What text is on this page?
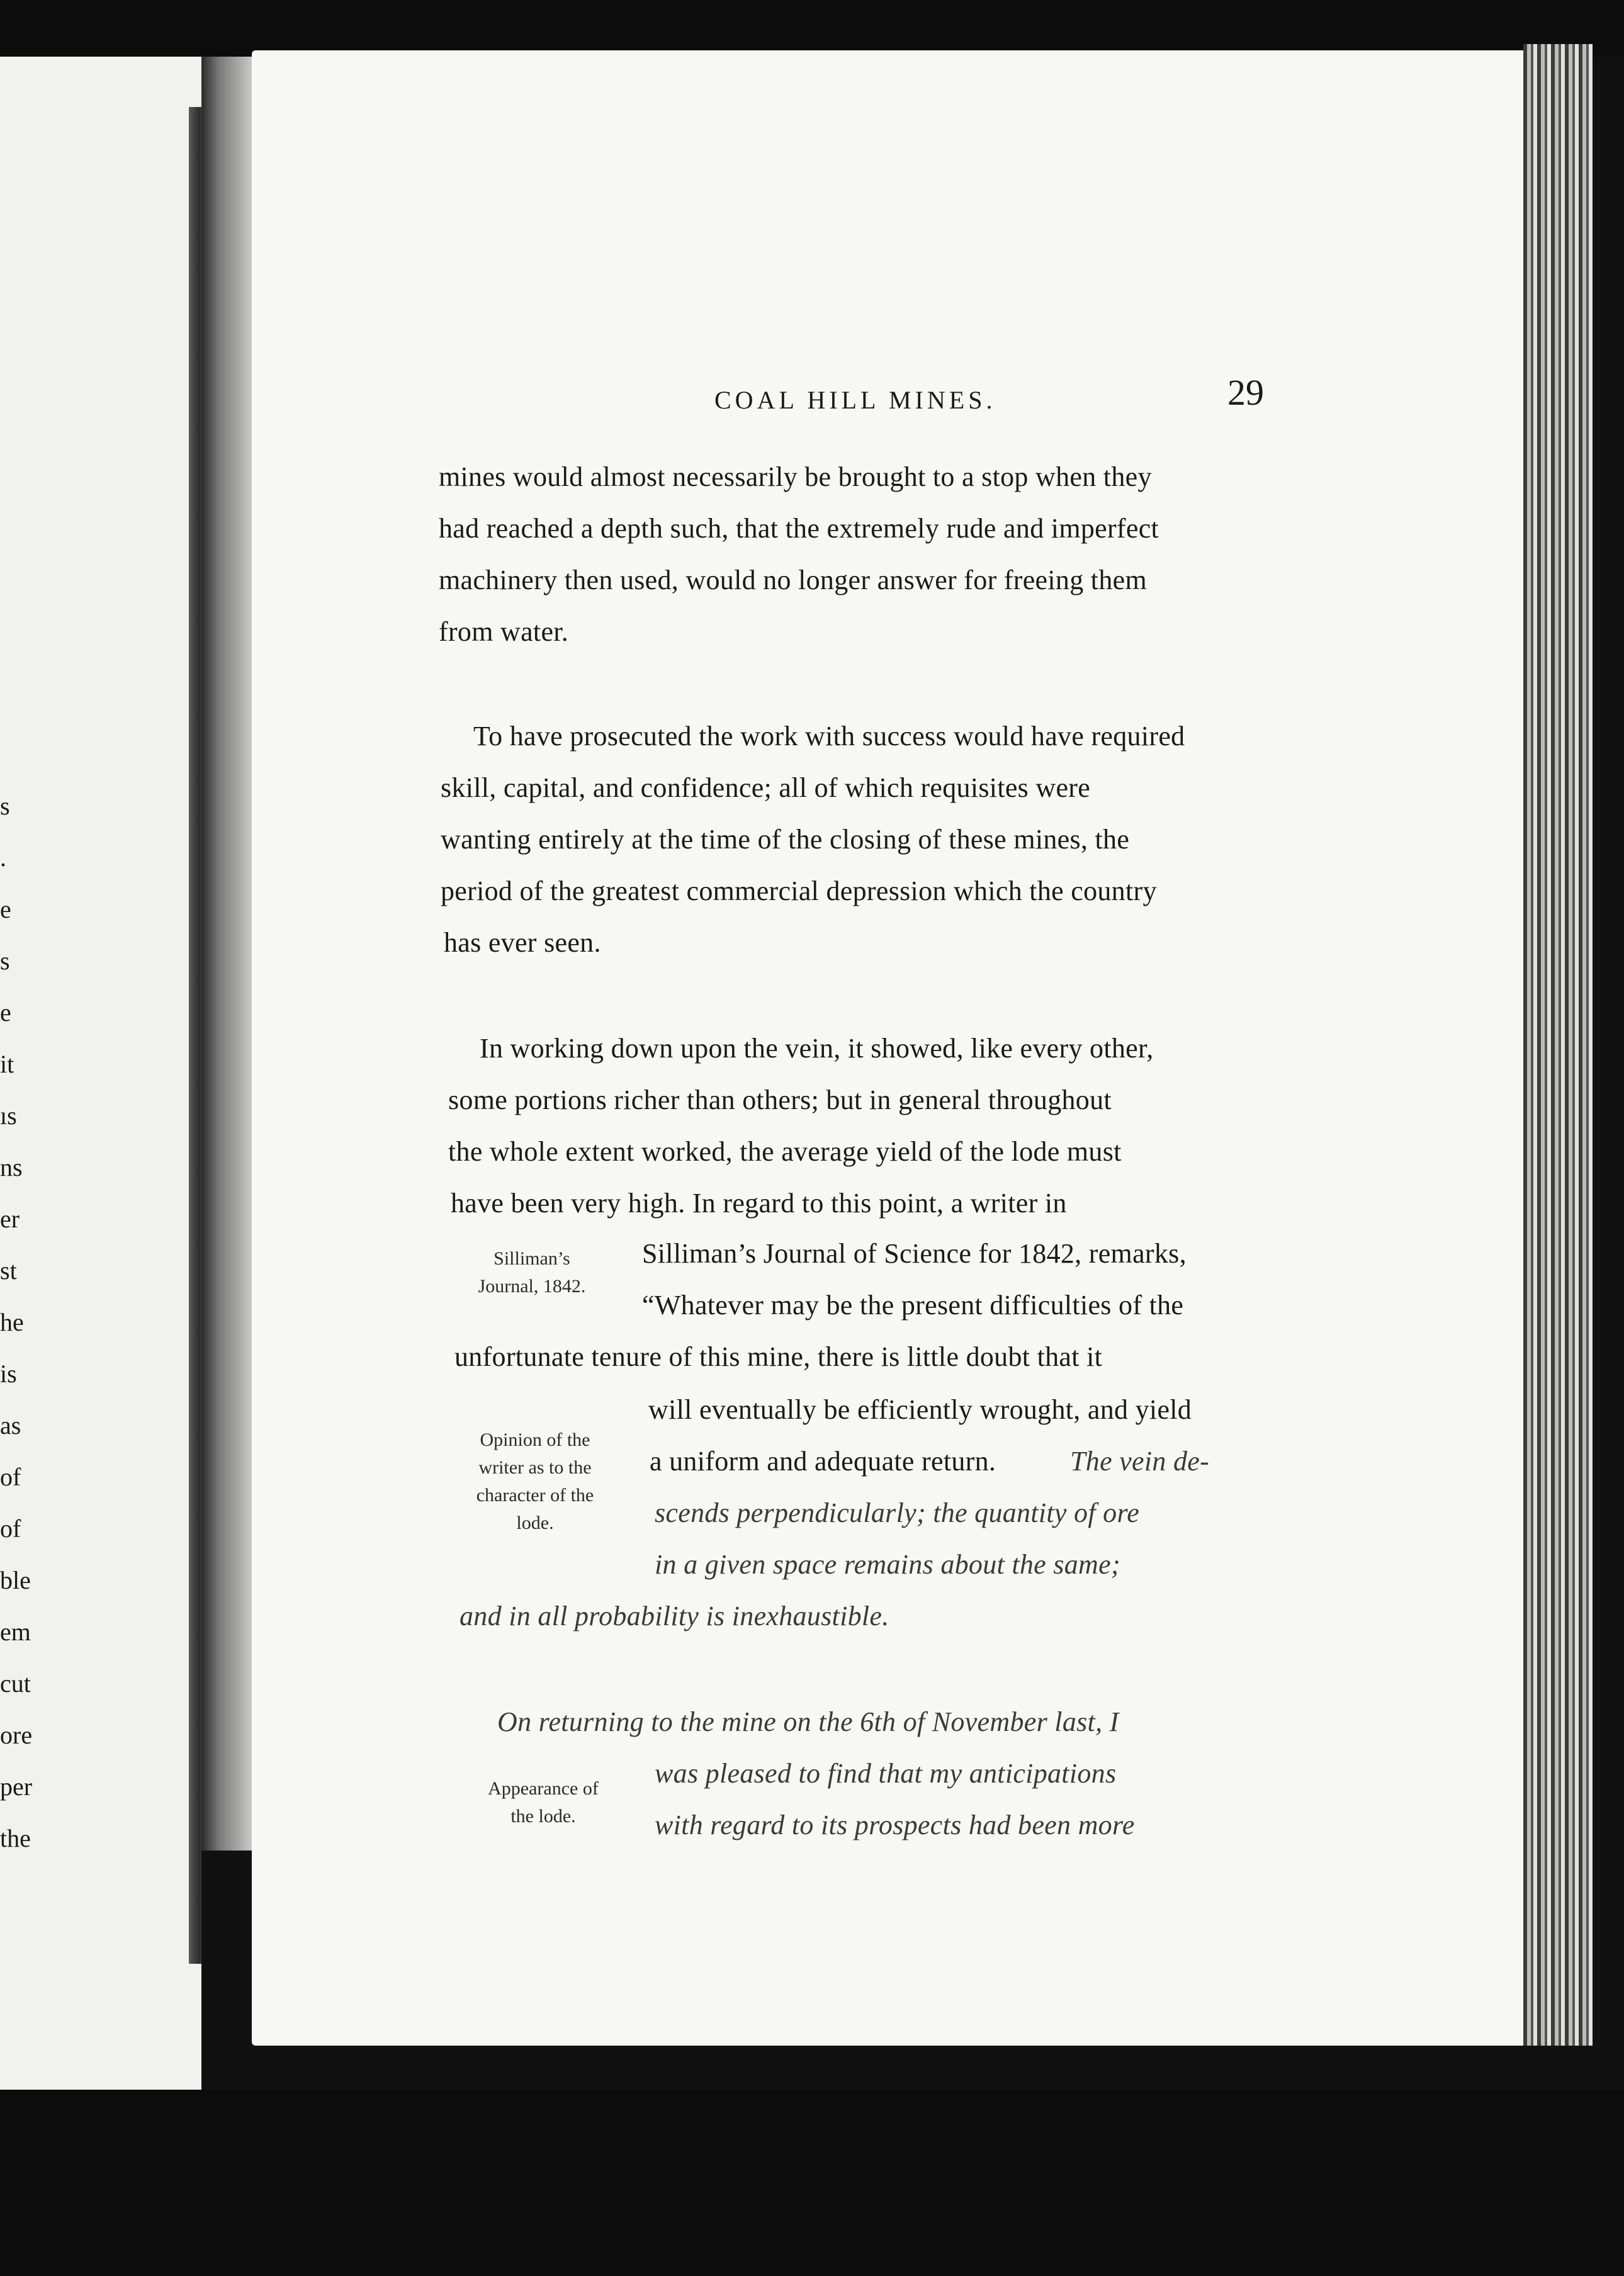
s
.
e
s
e
it
ıs
ns
er
st
he
is
as
of
of
ble
em
cut
ore
per
the
COAL HILL MINES.	29
mines would almost necessarily be brought to a stop when they
had reached a depth such, that the extremely rude and imperfect
machinery then used, would no longer answer for freeing them
from water.
To have prosecuted the work with success would have required
skill, capital, and confidence; all of which requisites were
wanting entirely at the time of the closing of these mines, the
period of the greatest commercial depression which the country
has ever seen.
In working down upon the vein, it showed, like every other,
some portions richer than others; but in general throughout
the whole extent worked, the average yield of the lode must
have been very high. In regard to this point, a writer in
Silliman’s Journal of Science for 1842, remarks,
“Whatever may be the present difficulties of the
unfortunate tenure of this mine, there is little doubt that it
will eventually be efficiently wrought, and yield
a uniform and adequate return.	The vein de-
scends perpendicularly; the quantity of ore
in a given space remains about the same;
and in all probability is inexhaustible.
On returning to the mine on the 6th of November last, I
was pleased to find that my anticipations
with regard to its prospects had been more
Silliman’s
Journal, 1842.
Opinion of the
writer as to the
character of the
lode.
Appearance of
the lode.
